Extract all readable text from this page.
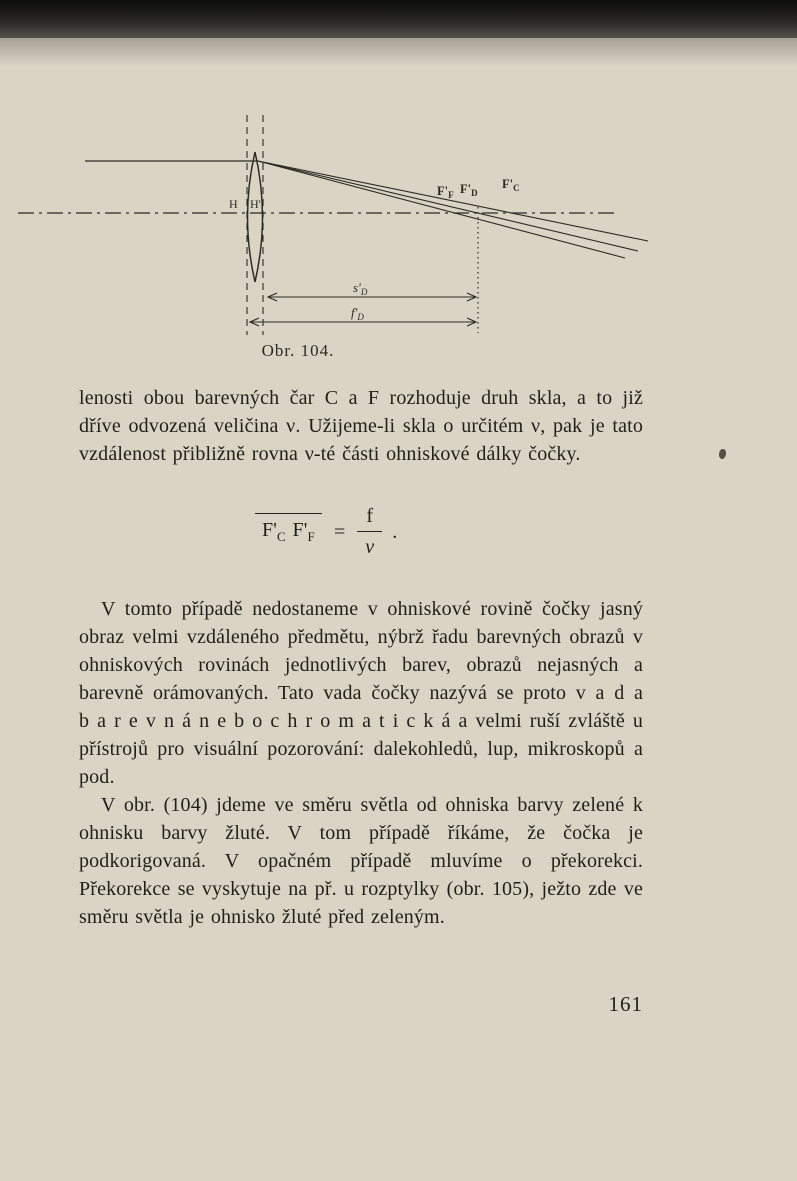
H H'
$F'_F$ $F'_D$
$F'_C$
$s'_D$
$f'_D$
Obr. 104.

lenosti obou barevných čar C a F rozhoduje druh skla, a to již dříve odvozená veličina ν. Užijeme-li skla o určitém ν, pak je tato vzdálenost přibližně rovna ν-té části ohniskové dálky čočky.

$F'_C$ $F'_F = \frac{f}{\nu}$ .

V tomto případě nedostaneme v ohniskové rovině čočky jasný obraz velmi vzdáleného předmětu, nýbrž řadu barevných obrazů v ohniskových rovinách jednotlivých barev, obrazů nejasných a barevně orámovaných. Tato vada čočky nazývá se proto v a d a b a r e v n á n e b o c h r o m a t i c k á a velmi ruší zvláště u přístrojů pro visuální pozorování: dalekohledů, lup, mikroskopů a pod.

V obr. (104) jdeme ve směru světla od ohniska barvy zelené k ohnisku barvy žluté. V tom případě říkáme, že čočka je podkorigovaná. V opačném případě mluvíme o překorekci. Překorekce se vyskytuje na př. u rozptylky (obr. 105), ježto zde ve směru světla je ohnisko žluté před zeleným.

161
